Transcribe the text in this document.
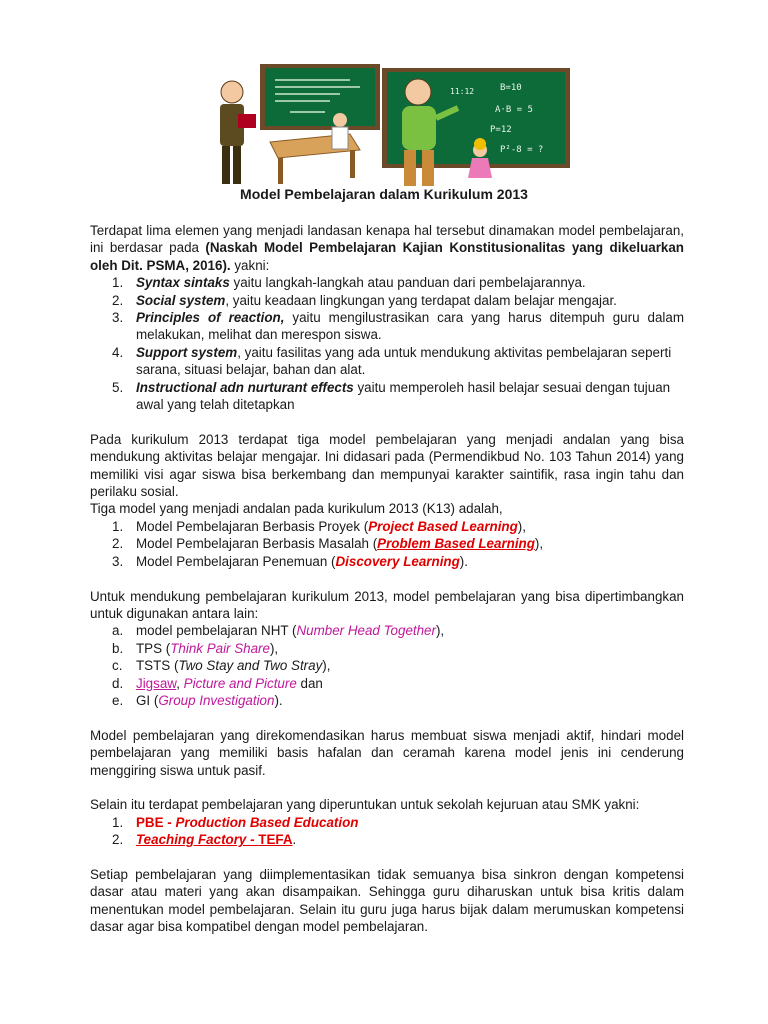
11:12	B=10
A·B = 5
P=12
P²-8 = ?
Model Pembelajaran dalam Kurikulum 2013

Terdapat lima elemen yang menjadi landasan kenapa hal tersebut dinamakan model pembelajaran, ini berdasar pada (Naskah Model Pembelajaran Kajian Konstitusionalitas yang dikeluarkan oleh Dit. PSMA, 2016). yakni:

1. Syntax sintaks yaitu langkah-langkah atau panduan dari pembelajarannya.
2. Social system, yaitu keadaan lingkungan yang terdapat dalam belajar mengajar.
3. Principles of reaction, yaitu mengilustrasikan cara yang harus ditempuh guru dalam melakukan, melihat dan merespon siswa.
4. Support system, yaitu fasilitas yang ada untuk mendukung aktivitas pembelajaran seperti sarana, situasi belajar, bahan dan alat.
5. Instructional adn nurturant effects yaitu memperoleh hasil belajar sesuai dengan tujuan awal yang telah ditetapkan

Pada kurikulum 2013 terdapat tiga model pembelajaran yang menjadi andalan yang bisa mendukung aktivitas belajar mengajar. Ini didasari pada (Permendikbud No. 103 Tahun 2014) yang memiliki visi agar siswa bisa berkembang dan mempunyai karakter saintifik, rasa ingin tahu dan perilaku sosial.

Tiga model yang menjadi andalan pada kurikulum 2013 (K13) adalah,

1. Model Pembelajaran Berbasis Proyek (Project Based Learning),
2. Model Pembelajaran Berbasis Masalah (Problem Based Learning),
3. Model Pembelajaran Penemuan (Discovery Learning).

Untuk mendukung pembelajaran kurikulum 2013, model pembelajaran yang bisa dipertimbangkan untuk digunakan antara lain:

a. model pembelajaran NHT (Number Head Together),
b. TPS (Think Pair Share),
c.	TSTS (Two Stay and Two Stray),
d. Jigsaw, Picture and Picture dan
e. GI (Group Investigation).

Model pembelajaran yang direkomendasikan harus membuat siswa menjadi aktif, hindari model pembelajaran yang memiliki basis hafalan dan ceramah karena model jenis ini cenderung menggiring siswa untuk pasif.

Selain itu terdapat pembelajaran yang diperuntukan untuk sekolah kejuruan atau SMK yakni:

1. PBE - Production Based Education
2. Teaching Factory - TEFA.

Setiap pembelajaran yang diimplementasikan tidak semuanya bisa sinkron dengan kompetensi dasar atau materi yang akan disampaikan. Sehingga guru diharuskan untuk bisa kritis dalam menentukan model pembelajaran. Selain itu guru juga harus bijak dalam merumuskan kompetensi dasar agar bisa kompatibel dengan model pembelajaran.
